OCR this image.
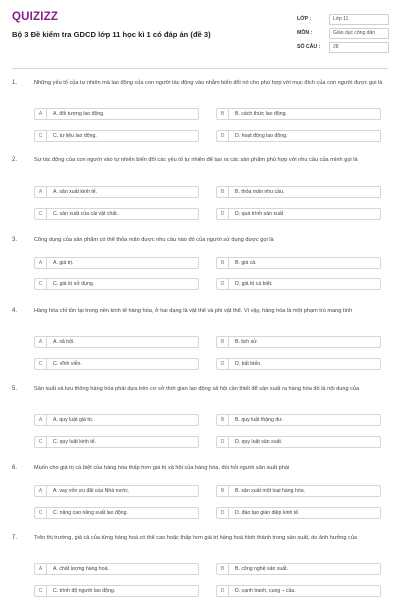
QUIZIZZ
Bộ 3 Đề kiểm tra GDCD lớp 11 học kì 1 có đáp án (đề 3)
LỚP :	Lớp 11
MÔN :	Giáo dục công dân
SỐ CÂU :	28
1.	Những yếu tố của tự nhiên mà lao động của con người tác động vào nhằm biến đổi nó cho phù hợp với mục đích của con người được gọi là
A	A. đối tượng lao động.	B	B. cách thức lao động.
C	C. tư liệu lao động.	D	D. hoạt động lao động.
2.	Sự tác động của con người vào tự nhiên biến đổi các yếu tố tự nhiên để tạo ra các sản phẩm phù hợp với nhu cầu của mình gọi là
A	A. sản xuất kinh tế.	B	B. thỏa mãn nhu cầu.
C	C. sản xuất của cải vật chất.	D	D. quá trình sản xuất
3.	Công dụng của sản phẩm có thể thỏa mãn được nhu cầu nào đó của người sử dụng được gọi là
A	A. giá trị.	B	B. giá cả.
C	C. giá trị sử dụng.	D	D. giá trị cá biệt.
4.	Hàng hóa chỉ tồn tại trong nền kinh tế hàng hóa, ở hai dạng là vật thể và phi vật thể. Vì vậy, hàng hóa là một phạm trù mang tính
A	A. xã hội.	B	B. lịch sử.
C	C. vĩnh viễn.	D	D. bất biến.
5.	Sản xuất và lưu thông hàng hóa phải dựa trên cơ sở thời gian lao động xã hội cần thiết để sản xuất ra hàng hóa đó là nội dung của
A	A. quy luật giá trị.	B	B. quy luật thặng dư.
C	C. quy luật kinh tế.	D	D. quy luật sản xuất.
6.	Muốn cho giá trị cá biệt của hàng hóa thấp hơn giá trị xã hội của hàng hóa, đòi hỏi người sản xuất phải
A	A. vay vốn ưu đãi của Nhà nước.	B	B. sản xuất một loại hàng hóa.
C	C. nâng cao năng suất lao động.	D	D. đào tạo gián điệp kinh tế.
7.	Trên thị trường, giá cả của từng hàng hoá có thể cao hoặc thấp hơn giá trị hàng hoá hình thành trong sản xuất, do ảnh hưởng của
A	A. chất lượng hàng hoá.	B	B. công nghệ sản xuất.
C	C. trình độ người lao động.	D	D. cạnh tranh, cung – cầu.
